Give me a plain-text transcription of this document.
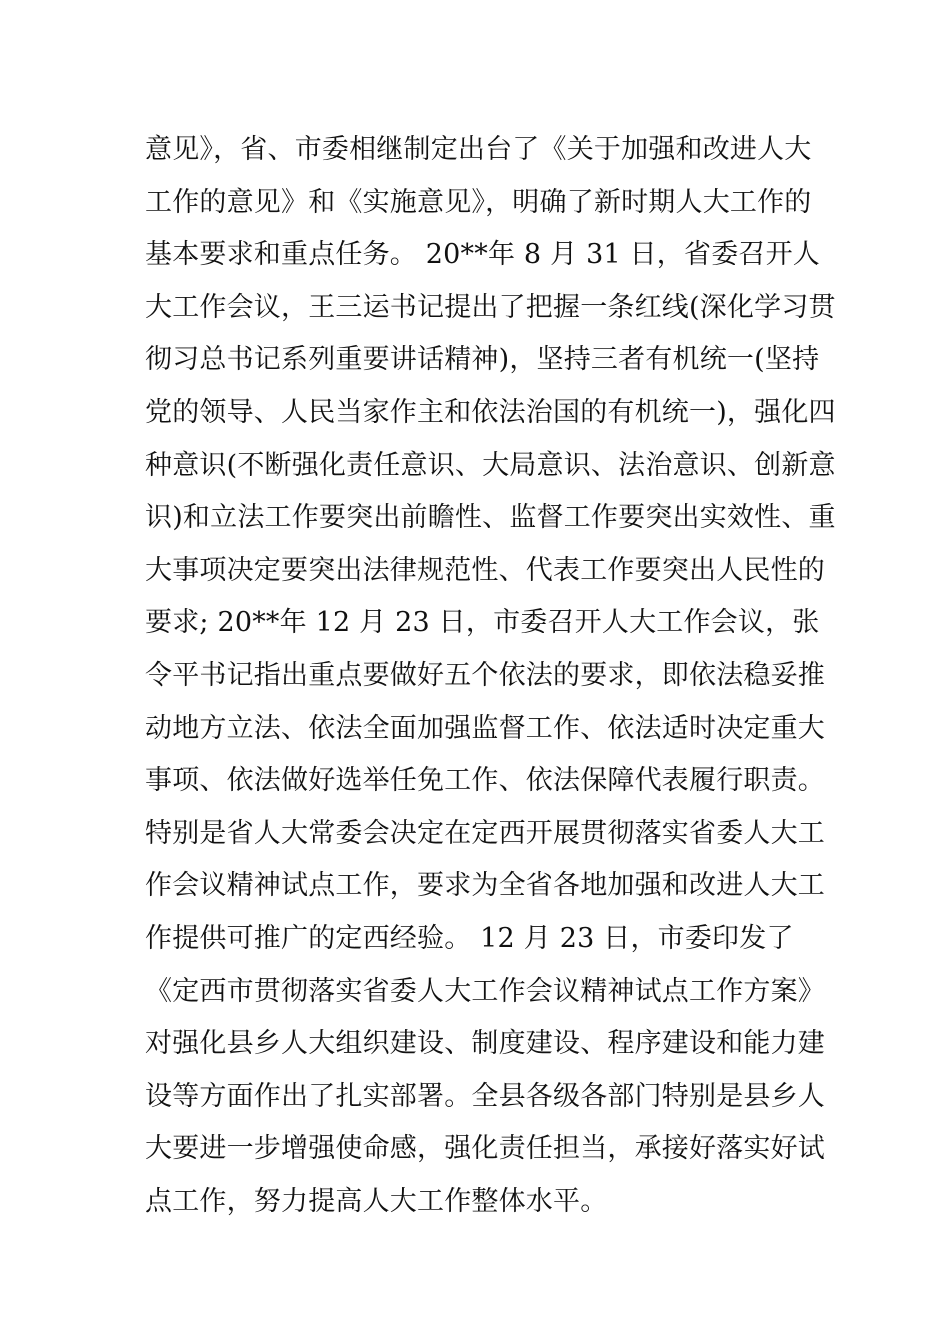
意见》，省、市委相继制定出台了《关于加强和改进人大
工作的意见》和《实施意见》，明确了新时期人大工作的
基本要求和重点任务。 20**年 8 月 31 日，省委召开人
大工作会议，王三运书记提出了把握一条红线(深化学习贯
彻习总书记系列重要讲话精神)，坚持三者有机统一(坚持
党的领导、人民当家作主和依法治国的有机统一)，强化四
种意识(不断强化责任意识、大局意识、法治意识、创新意
识)和立法工作要突出前瞻性、监督工作要突出实效性、重
大事项决定要突出法律规范性、代表工作要突出人民性的
要求; 20**年 12 月 23 日，市委召开人大工作会议，张
令平书记指出重点要做好五个依法的要求，即依法稳妥推
动地方立法、依法全面加强监督工作、依法适时决定重大
事项、依法做好选举任免工作、依法保障代表履行职责。
特别是省人大常委会决定在定西开展贯彻落实省委人大工
作会议精神试点工作，要求为全省各地加强和改进人大工
作提供可推广的定西经验。 12 月 23 日，市委印发了
《定西市贯彻落实省委人大工作会议精神试点工作方案》
对强化县乡人大组织建设、制度建设、程序建设和能力建
设等方面作出了扎实部署。全县各级各部门特别是县乡人
大要进一步增强使命感，强化责任担当，承接好落实好试
点工作，努力提高人大工作整体水平。
